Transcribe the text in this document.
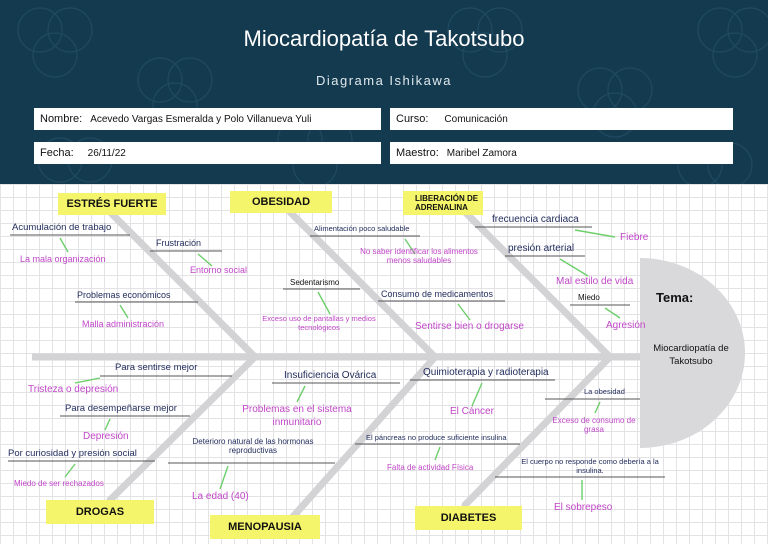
Miocardiopatía de Takotsubo
Diagrama Ishikawa
Nombre: Acevedo Vargas Esmeralda y Polo Villanueva Yuli	Curso: Comunicación
Fecha: 26/11/22	Maestro: Maribel Zamora
ESTRÉS FUERTE	OBESIDAD	LIBERACIÓN DE ADRENALINA
DROGAS
MENOPAUSIA
DIABETES
Acumulación de trabajo
La mala organización
Frustración
Entorno social
Problemas económicos
Malla administración
Alimentación poco saludable
No saber identificar los alimentos menos saludables
Sedentarismo
Exceso uso de pantallas y medios tecnológicos
Consumo de medicamentos
Sentirse bien o drogarse
frecuencia cardiaca
Fiebre
presión arterial
Mal estilo de vida
Miedo
Agresión
Para sentirse mejor
Tristeza o depresión
Para desempeñarse mejor
Depresión
Por curiosidad y presión social
Miedo de ser rechazados
Insuficiencia Ovárica
Problemas en el sistema inmunitario
Deterioro natural de las hormonas reproductivas
La edad (40)
Quimioterapia y radioterapia
El Cáncer
La obesidad
Exceso de consumo de grasa
El páncreas no produce suficiente insulina
Falta de actividad Física
El cuerpo no responde como debería a la insulina.
El sobrepeso
Tema:
Miocardiopatía de Takotsubo
